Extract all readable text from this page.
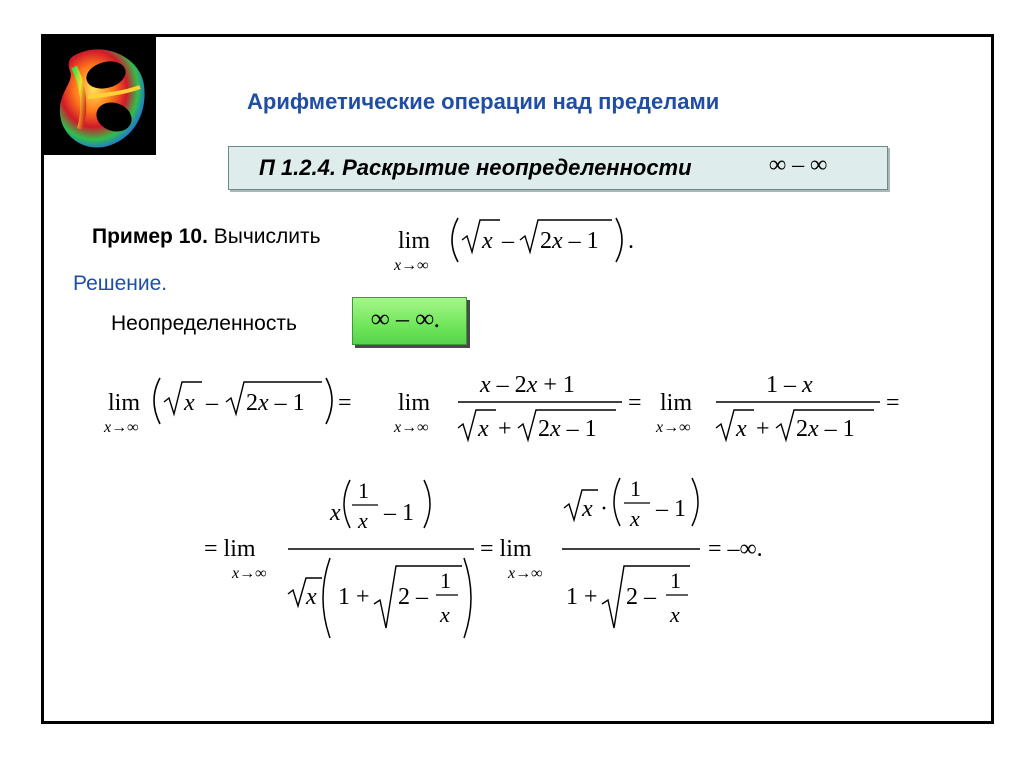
Арифметические операции над пределами
П 1.2.4. Раскрытие неопределенности	∞ – ∞
Пример 10. Вычислить
Решение.
Неопределенность	∞ – ∞.
lim
x→∞
x – 2x – 1 .
lim
x→∞
x – 2x – 1 = lim
x→∞
x – 2x + 1
x + 2x – 1
= lim
x→∞
1 – x
x + 2x – 1
=
= lim
x→∞
x
1
x – 1
x 1 + 2 –
1
x
= lim
x→∞
x ·
1
x – 1
1 + 2 –
1
x
= –∞.
